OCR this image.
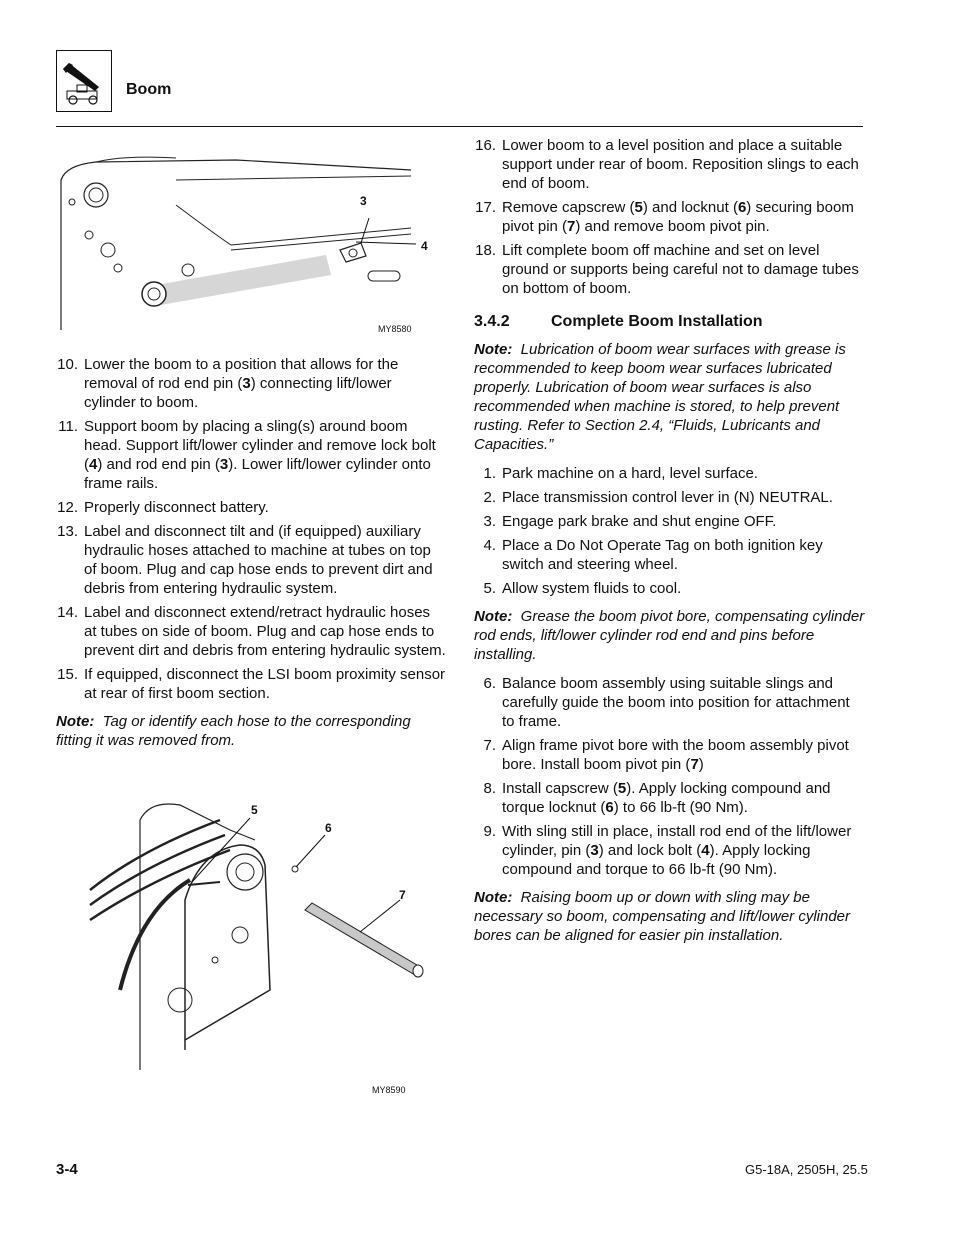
Boom
3
4
MY8580
5
6
7
MY8590
10. Lower the boom to a position that allows for the removal of rod end pin (3) connecting lift/lower cylinder to boom.
11. Support boom by placing a sling(s) around boom head. Support lift/lower cylinder and remove lock bolt (4) and rod end pin (3). Lower lift/lower cylinder onto frame rails.
12. Properly disconnect battery.
13. Label and disconnect tilt and (if equipped) auxiliary hydraulic hoses attached to machine at tubes on top of boom. Plug and cap hose ends to prevent dirt and debris from entering hydraulic system.
14. Label and disconnect extend/retract hydraulic hoses at tubes on side of boom. Plug and cap hose ends to prevent dirt and debris from entering hydraulic system.
15. If equipped, disconnect the LSI boom proximity sensor at rear of first boom section.
Note: Tag or identify each hose to the corresponding fitting it was removed from.
16. Lower boom to a level position and place a suitable support under rear of boom. Reposition slings to each end of boom.
17. Remove capscrew (5) and locknut (6) securing boom pivot pin (7) and remove boom pivot pin.
18. Lift complete boom off machine and set on level ground or supports being careful not to damage tubes on bottom of boom.
3.4.2	Complete Boom Installation
Note: Lubrication of boom wear surfaces with grease is recommended to keep boom wear surfaces lubricated properly. Lubrication of boom wear surfaces is also recommended when machine is stored, to help prevent rusting. Refer to Section 2.4, “Fluids, Lubricants and Capacities.”
1. Park machine on a hard, level surface.
2. Place transmission control lever in (N) NEUTRAL.
3. Engage park brake and shut engine OFF.
4. Place a Do Not Operate Tag on both ignition key switch and steering wheel.
5. Allow system fluids to cool.
Note: Grease the boom pivot bore, compensating cylinder rod ends, lift/lower cylinder rod end and pins before installing.
6. Balance boom assembly using suitable slings and carefully guide the boom into position for attachment to frame.
7. Align frame pivot bore with the boom assembly pivot bore. Install boom pivot pin (7)
8. Install capscrew (5). Apply locking compound and torque locknut (6) to 66 lb-ft (90 Nm).
9. With sling still in place, install rod end of the lift/lower cylinder, pin (3) and lock bolt (4). Apply locking compound and torque to 66 lb-ft (90 Nm).
Note: Raising boom up or down with sling may be necessary so boom, compensating and lift/lower cylinder bores can be aligned for easier pin installation.
3-4	G5-18A, 2505H, 25.5
